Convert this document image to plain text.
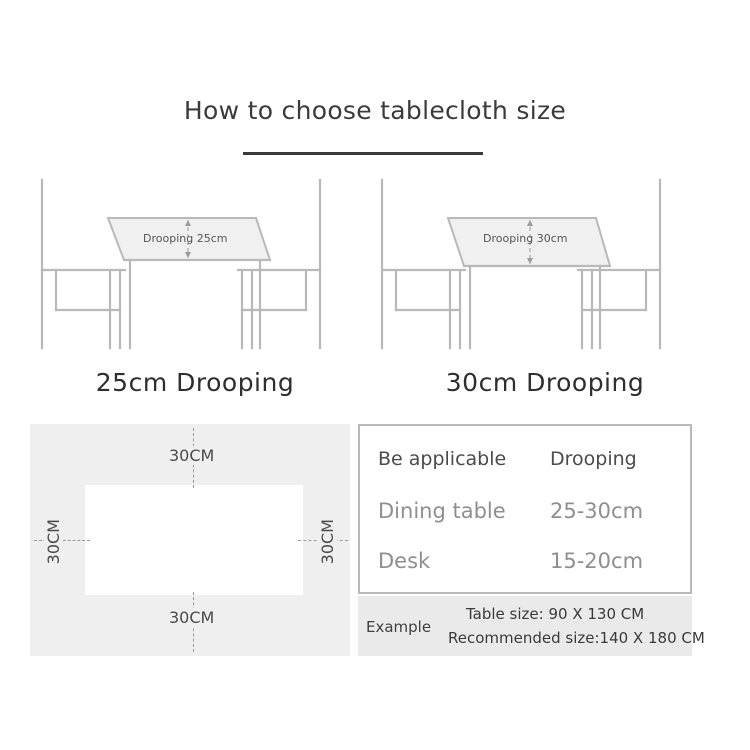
How to choose tablecloth size
Drooping 25cm	Drooping 30cm
25cm Drooping	30cm Drooping
30CM
30CM
30CM	30CM
Be applicable	Drooping
Dining table	25-30cm
Desk	15-20cm
Example
Table size: 90 X 130 CM
Recommended size:140 X 180 CM
